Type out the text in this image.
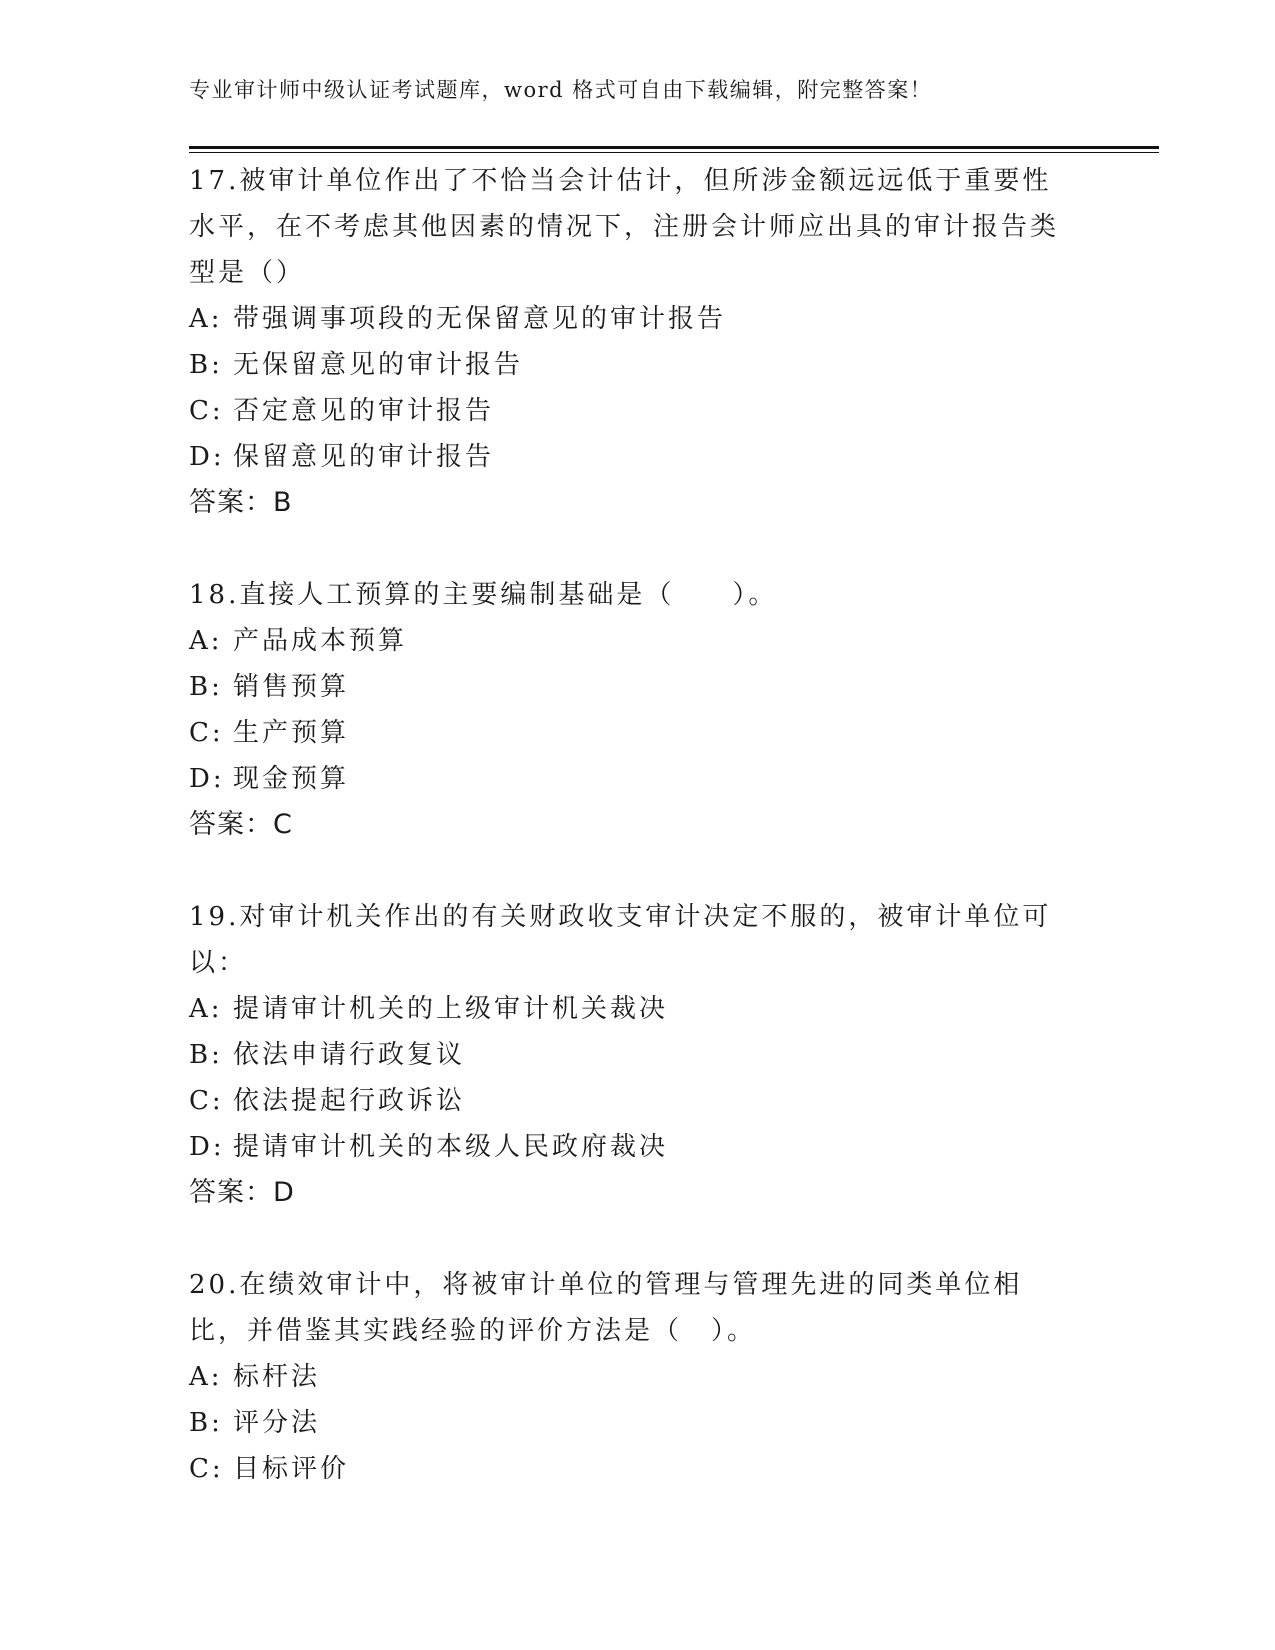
专业审计师中级认证考试题库，word 格式可自由下载编辑，附完整答案！
17.被审计单位作出了不恰当会计估计，但所涉金额远远低于重要性水平，在不考虑其他因素的情况下，注册会计师应出具的审计报告类型是（）
A: 带强调事项段的无保留意见的审计报告
B: 无保留意见的审计报告
C: 否定意见的审计报告
D: 保留意见的审计报告
答案：B
18.直接人工预算的主要编制基础是（　　）。
A: 产品成本预算
B: 销售预算
C: 生产预算
D: 现金预算
答案：C
19.对审计机关作出的有关财政收支审计决定不服的，被审计单位可以：
A: 提请审计机关的上级审计机关裁决
B: 依法申请行政复议
C: 依法提起行政诉讼
D: 提请审计机关的本级人民政府裁决
答案：D
20.在绩效审计中，将被审计单位的管理与管理先进的同类单位相比，并借鉴其实践经验的评价方法是（　）。
A: 标杆法
B: 评分法
C: 目标评价
